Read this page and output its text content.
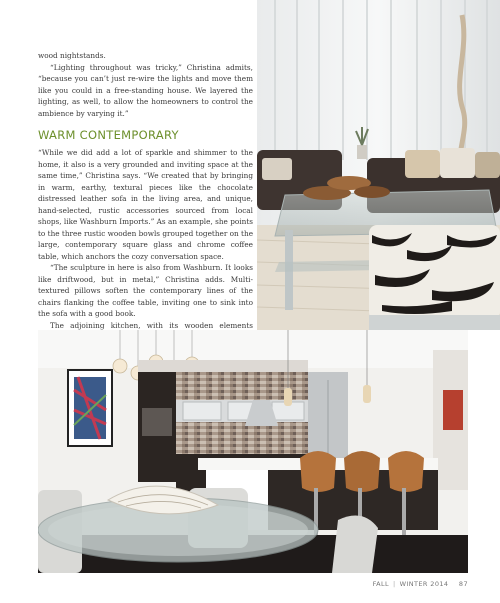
wood nightstands.

“Lighting throughout was tricky,” Christina admits, “because you can’t just re-wire the lights and move them like you could in a free-standing house. We layered the lighting, as well, to allow the homeowners to control the ambience by varying it.”

WARM CONTEMPORARY

“While we did add a lot of sparkle and shimmer to the home, it also is a very grounded and inviting space at the same time,” Christina says. “We created that by bringing in warm, earthy, textural pieces like the chocolate distressed leather sofa in the living area, and unique, hand-selected, rustic accessories sourced from local shops, like Washburn Imports.” As an example, she points to the three rustic wooden bowls grouped together on the large, contemporary square glass and chrome coffee table, which anchors the cozy conversation space.

“The sculpture in here is also from Washburn. It looks like driftwood, but in metal,” Christina adds. Multi-textured pillows soften the contemporary lines of the chairs flanking the coffee table, inviting one to sink into the sofa with a good book.

The adjoining kitchen, with its wooden elements

FALL | WINTER 2014 87
